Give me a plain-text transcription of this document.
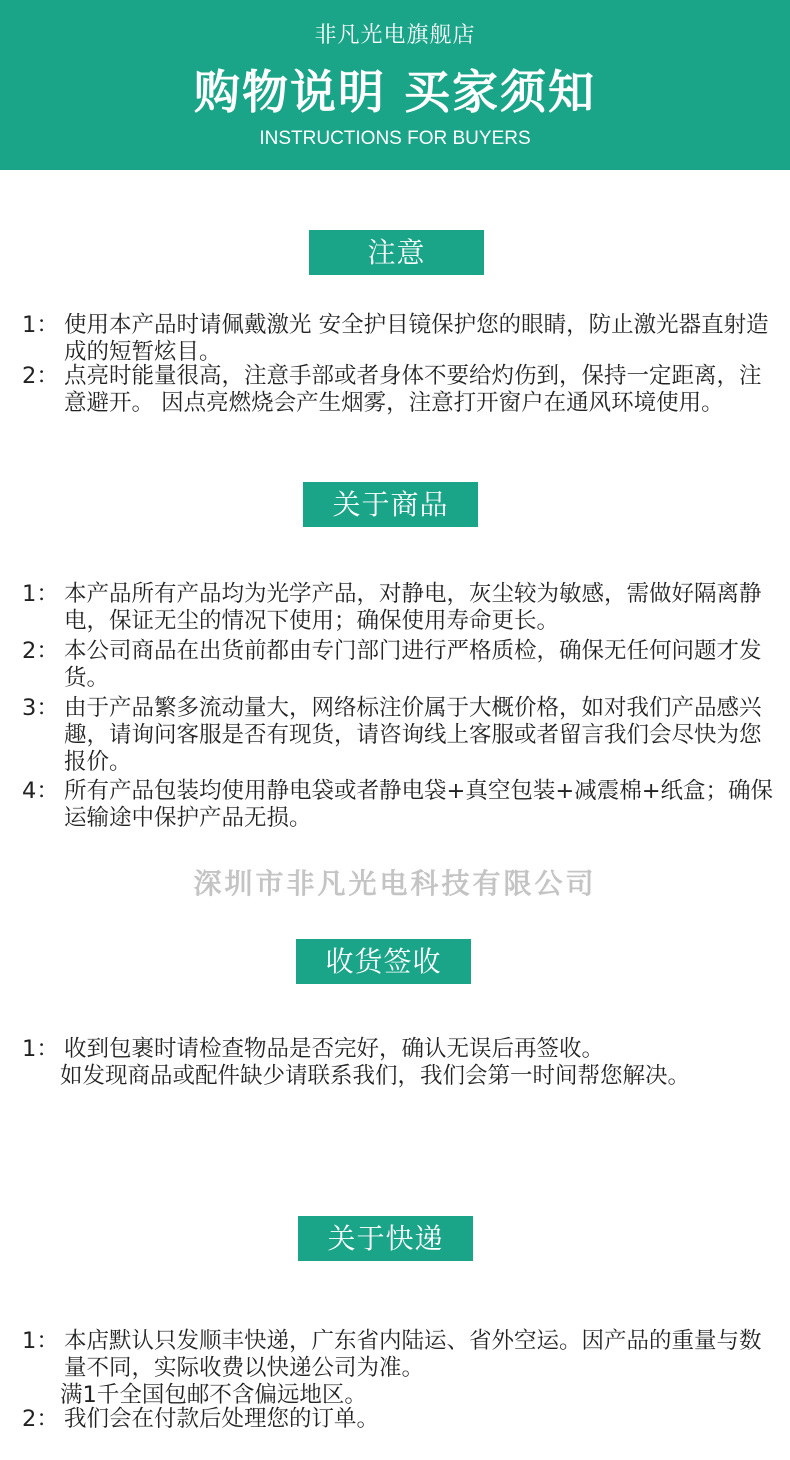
非凡光电旗舰店
购物说明 买家须知
INSTRUCTIONS FOR BUYERS
注意
1： 使用本产品时请佩戴激光 安全护目镜保护您的眼睛，防止激光器直射造成的短暂炫目。
2： 点亮时能量很高，注意手部或者身体不要给灼伤到，保持一定距离，注意避开。 因点亮燃烧会产生烟雾，注意打开窗户在通风环境使用。
关于商品
1： 本产品所有产品均为光学产品，对静电，灰尘较为敏感，需做好隔离静电，保证无尘的情况下使用；确保使用寿命更长。
2： 本公司商品在出货前都由专门部门进行严格质检，确保无任何问题才发货。
3： 由于产品繁多流动量大，网络标注价属于大概价格，如对我们产品感兴趣，请询问客服是否有现货，请咨询线上客服或者留言我们会尽快为您报价。
4： 所有产品包装均使用静电袋或者静电袋+真空包装+减震棉+纸盒；确保运输途中保护产品无损。
深圳市非凡光电科技有限公司
收货签收
1： 收到包裹时请检查物品是否完好，确认无误后再签收。
如发现商品或配件缺少请联系我们，我们会第一时间帮您解决。
关于快递
1： 本店默认只发顺丰快递，广东省内陆运、省外空运。因产品的重量与数量不同，实际收费以快递公司为准。
满1千全国包邮不含偏远地区。
2： 我们会在付款后处理您的订单。
